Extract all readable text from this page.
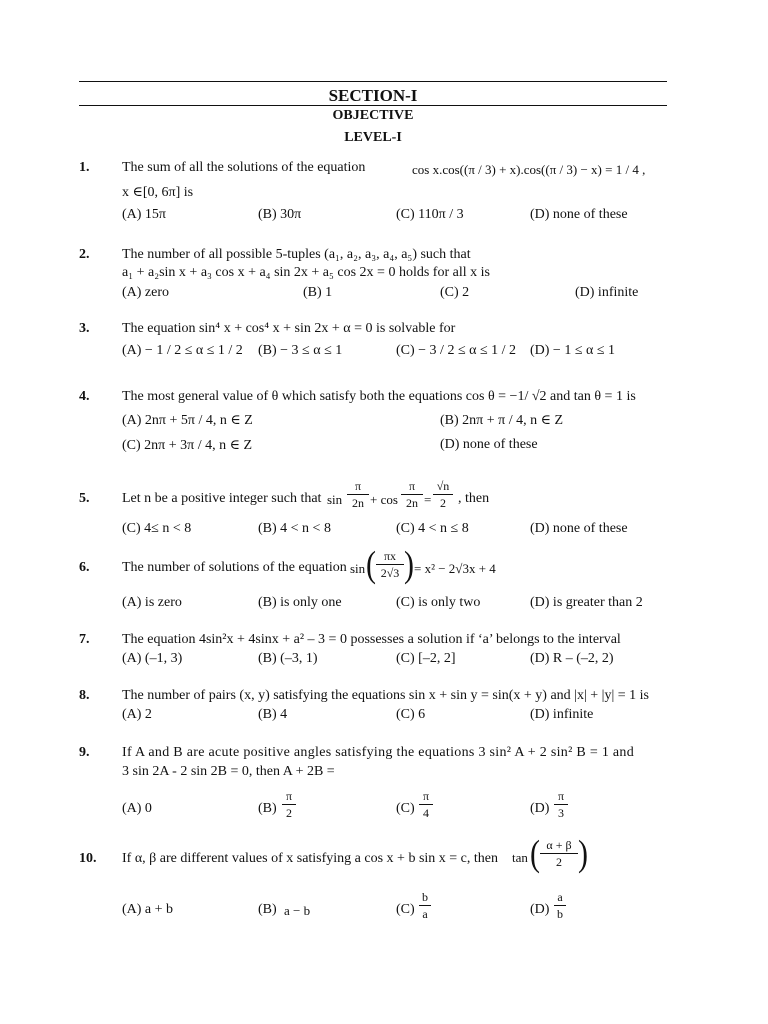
SECTION-I
OBJECTIVE
LEVEL-I
1. The sum of all the solutions of the equation	cos x.cos((π / 3) + x).cos((π / 3) − x) = 1 / 4 ,
x ∈[0, 6π] is
(A) 15π	(B) 30π	(C) 110π / 3	(D) none of these
2. The number of all possible 5-tuples (a₁, a₂, a₃, a₄, a₅) such that
a₁ + a₂sin x + a₃ cos x + a₄ sin 2x + a₅ cos 2x = 0 holds for all x is
(A) zero	(B) 1	(C) 2	(D) infinite
3. The equation sin⁴ x + cos⁴ x + sin 2x + α = 0 is solvable for
(A) − 1 / 2 ≤ α ≤ 1 / 2 (B) − 3 ≤ α ≤ 1	(C) − 3 / 2 ≤ α ≤ 1 / 2 (D) − 1 ≤ α ≤ 1
4. The most general value of θ which satisfy both the equations cos θ = −1/ √2 and tan θ = 1 is
(A) 2nπ + 5π / 4, n ∈ Z	(B) 2nπ + π / 4, n ∈ Z
(C) 2nπ + 3π / 4, n ∈ Z	(D) none of these
5. Let n be a positive integer such that sin
π
2n + cos
π
2n =
√n
2 , then
(C) 4≤ n < 8	(B) 4 < n < 8	(C) 4 < n ≤ 8	(D) none of these
6. The number of solutions of the equation sin ( πx
2√3 ) = x² − 2√3x + 4
(A) is zero	(B) is only one	(C) is only two	(D) is greater than 2
7. The equation 4sin²x + 4sinx + a² – 3 = 0 possesses a solution if ‘a’ belongs to the interval
(A) (–1, 3)	(B) (–3, 1)	(C) [–2, 2]	(D) R – (–2, 2)
8. The number of pairs (x, y) satisfying the equations sin x + sin y = sin(x + y) and |x| + |y| = 1 is
(A) 2	(B) 4	(C) 6	(D) infinite
9. If A and B are acute positive angles satisfying the equations 3 sin² A + 2 sin² B = 1 and
3 sin 2A - 2 sin 2B = 0, then A + 2B =
(A) 0	(B)
π
2	(C)
π
4	(D)
π
3
10. If α, β are different values of x satisfying a cos x + b sin x = c, then tan ( α + β
2 )
(A) a + b	(B) a − b	(C)
b
a	(D)
a
b
